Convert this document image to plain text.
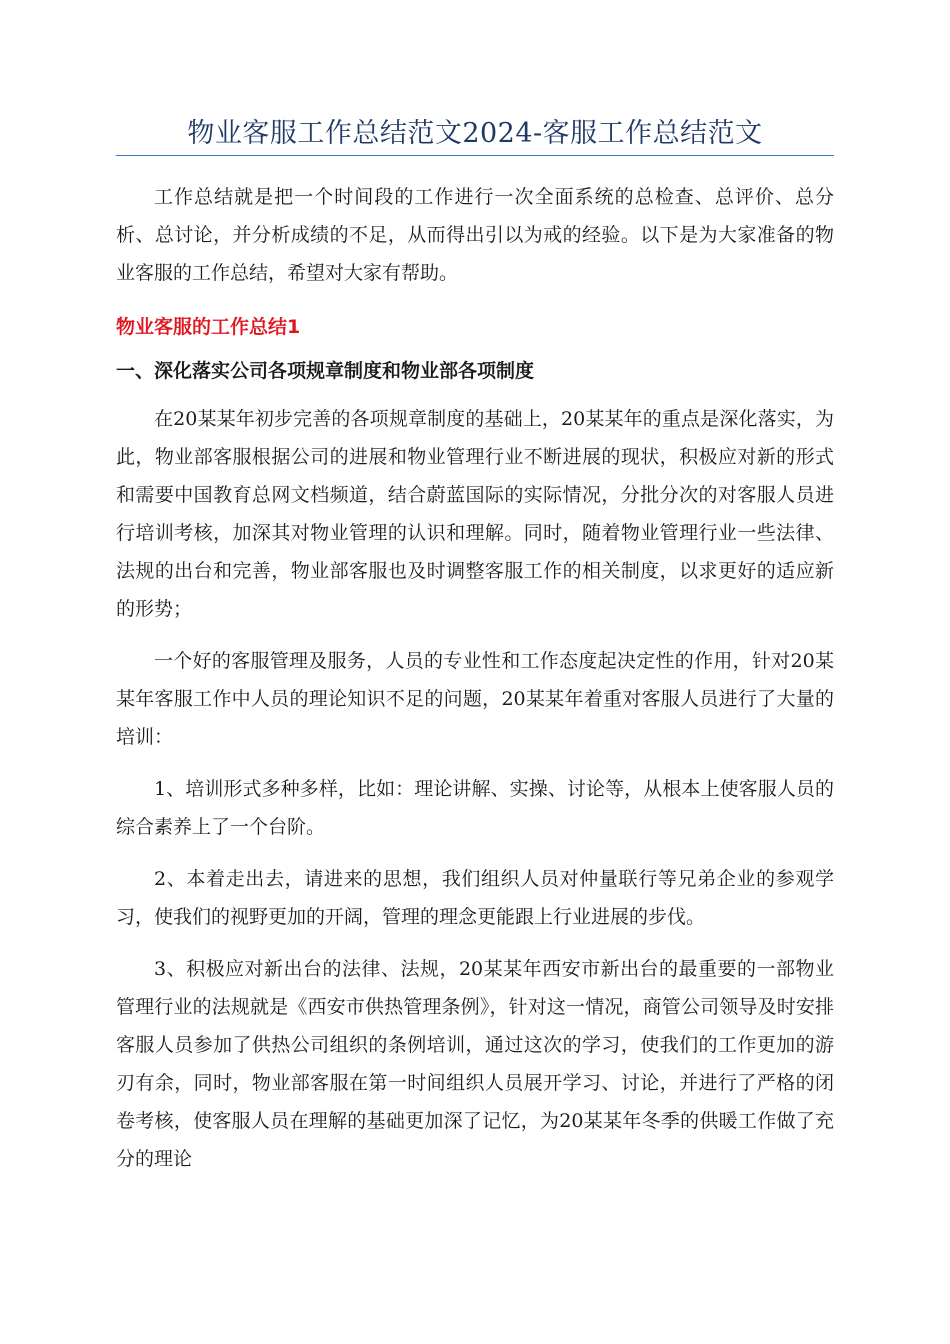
物业客服工作总结范文2024-客服工作总结范文

工作总结就是把一个时间段的工作进行一次全面系统的总检查、总评价、总分析、总讨论，并分析成绩的不足，从而得出引以为戒的经验。以下是为大家准备的物业客服的工作总结，希望对大家有帮助。

物业客服的工作总结1
一、深化落实公司各项规章制度和物业部各项制度

在20某某年初步完善的各项规章制度的基础上，20某某年的重点是深化落实，为此，物业部客服根据公司的进展和物业管理行业不断进展的现状，积极应对新的形式和需要中国教育总网文档频道，结合蔚蓝国际的实际情况，分批分次的对客服人员进行培训考核，加深其对物业管理的认识和理解。同时，随着物业管理行业一些法律、法规的出台和完善，物业部客服也及时调整客服工作的相关制度，以求更好的适应新的形势；

一个好的客服管理及服务，人员的专业性和工作态度起决定性的作用，针对20某某年客服工作中人员的理论知识不足的问题，20某某年着重对客服人员进行了大量的培训：

1、培训形式多种多样，比如：理论讲解、实操、讨论等，从根本上使客服人员的综合素养上了一个台阶。

2、本着走出去，请进来的思想，我们组织人员对仲量联行等兄弟企业的参观学习，使我们的视野更加的开阔，管理的理念更能跟上行业进展的步伐。

3、积极应对新出台的法律、法规，20某某年西安市新出台的最重要的一部物业管理行业的法规就是《西安市供热管理条例》，针对这一情况，商管公司领导及时安排客服人员参加了供热公司组织的条例培训，通过这次的学习，使我们的工作更加的游刃有余，同时，物业部客服在第一时间组织人员展开学习、讨论，并进行了严格的闭卷考核，使客服人员在理解的基础更加深了记忆，为20某某年冬季的供暖工作做了充分的理论
